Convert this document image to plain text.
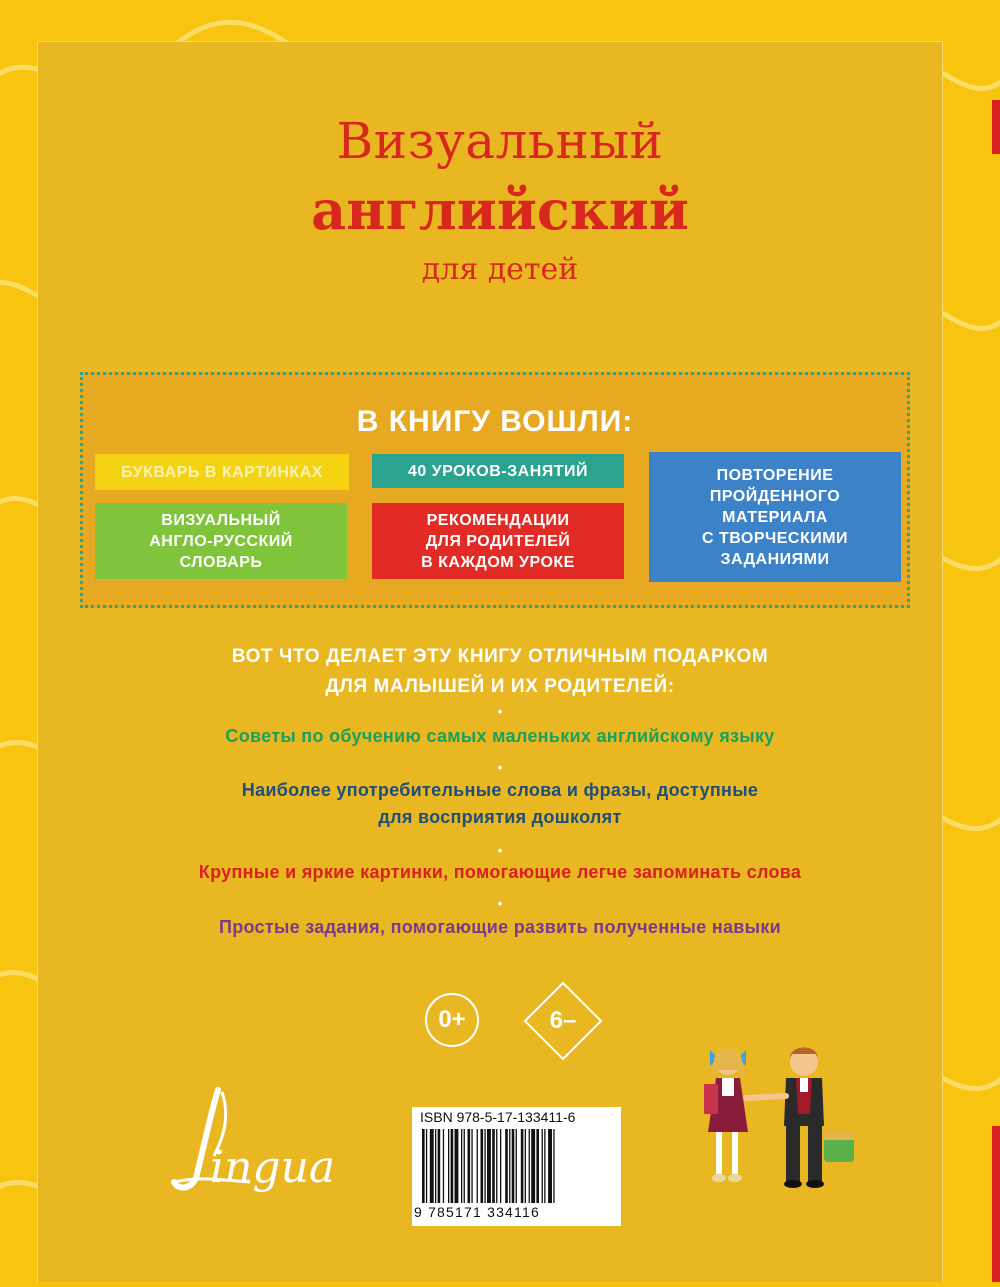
Визуальный
английский
для детей
В КНИГУ ВОШЛИ:
БУКВАРЬ В КАРТИНКАХ	40 УРОКОВ-ЗАНЯТИЙ
ВИЗУАЛЬНЫЙ
АНГЛО-РУССКИЙ
СЛОВАРЬ
РЕКОМЕНДАЦИИ
ДЛЯ РОДИТЕЛЕЙ
В КАЖДОМ УРОКЕ
ПОВТОРЕНИЕ
ПРОЙДЕННОГО
МАТЕРИАЛА
С ТВОРЧЕСКИМИ
ЗАДАНИЯМИ
ВОТ ЧТО ДЕЛАЕТ ЭТУ КНИГУ ОТЛИЧНЫМ ПОДАРКОМ
ДЛЯ МАЛЫШЕЙ И ИХ РОДИТЕЛЕЙ:
•
Советы по обучению самых маленьких английскому языку
•
Наиболее употребительные слова и фразы, доступные
для восприятия дошколят
•
Крупные и яркие картинки, помогающие легче запоминать слова
•
Простые задания, помогающие развить полученные навыки
0+	6–
ingua
ISBN 978-5-17-133411-6
9 785171 334116
